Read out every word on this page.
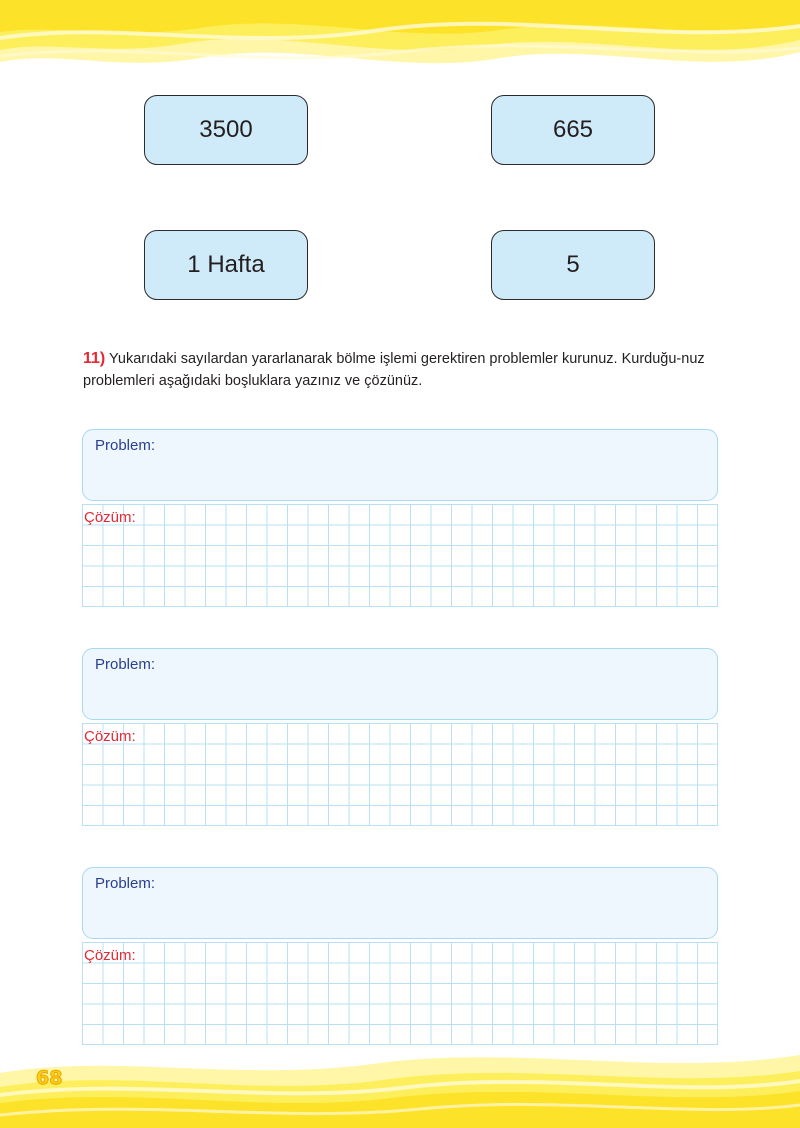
3500	665
1 Hafta	5
11) Yukarıdaki sayılardan yararlanarak bölme işlemi gerektiren problemler kurunuz. Kurduğu-nuz problemleri aşağıdaki boşluklara yazınız ve çözünüz.
Problem:
Çözüm:
Problem:
Çözüm:
Problem:
Çözüm:
68
